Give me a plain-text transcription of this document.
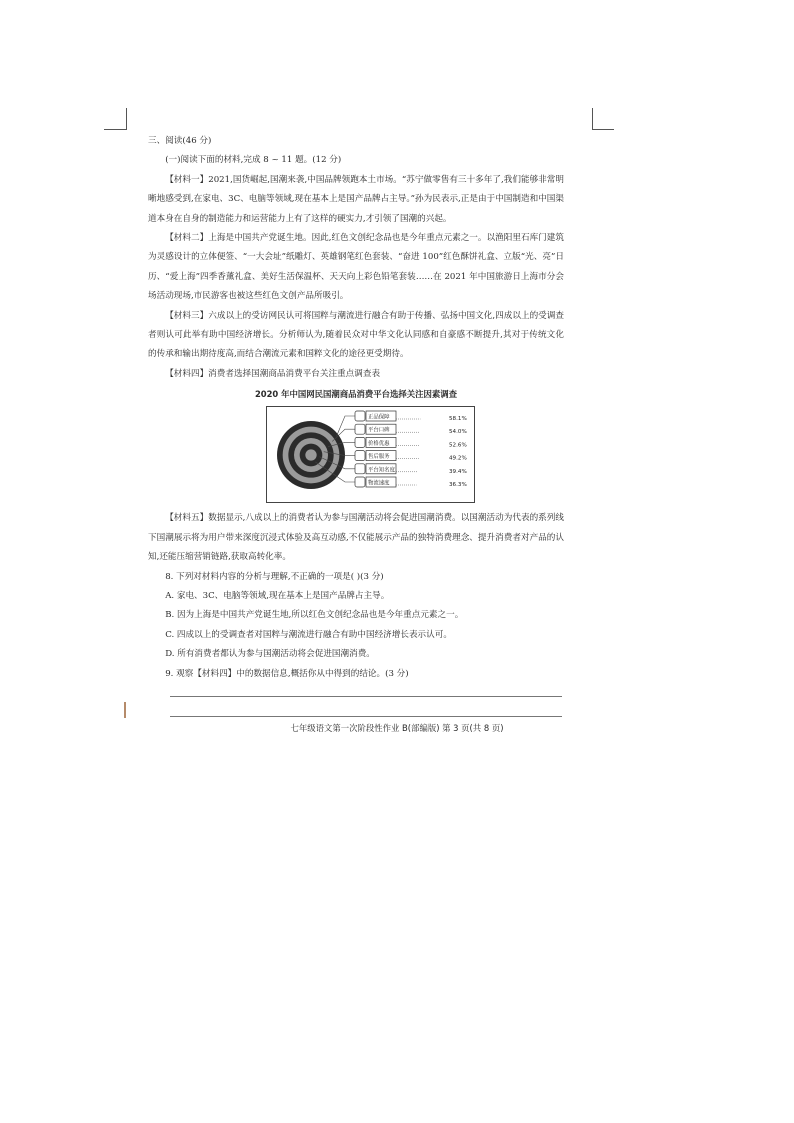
三、阅读(46 分)

(一)阅读下面的材料,完成 8 ~ 11 题。(12 分)

【材料一】2021,国货崛起,国潮来袭,中国品牌领跑本土市场。“苏宁做零售有三十多年了,我们能够非常明晰地感受到,在家电、3C、电脑等领域,现在基本上是国产品牌占主导。”孙为民表示,正是由于中国制造和中国渠道本身在自身的制造能力和运营能力上有了这样的硬实力,才引领了国潮的兴起。

【材料二】上海是中国共产党诞生地。因此,红色文创纪念品也是今年重点元素之一。以渔阳里石库门建筑为灵感设计的立体便签、“一大会址”纸雕灯、英雄钢笔红色套装、“奋进 100”红色酥饼礼盒、立版“光、亮”日历、“爱上海”四季香薰礼盒、美好生活保温杯、天天向上彩色铅笔套装……在 2021 年中国旅游日上海市分会场活动现场,市民游客也被这些红色文创产品所吸引。

【材料三】六成以上的受访网民认可将国粹与潮流进行融合有助于传播、弘扬中国文化,四成以上的受调查者则认可此举有助中国经济增长。分析师认为,随着民众对中华文化认同感和自豪感不断提升,其对于传统文化的传承和输出期待度高,而结合潮流元素和国粹文化的途径更受期待。

【材料四】消费者选择国潮商品消费平台关注重点调查表

2020 年中国网民国潮商品消费平台选择关注因素调查

正品保障	58.1%
平台口碑	54.0%
价格优惠	52.6%
售后服务	49.2%
平台知名度	39.4%
物流速度	36.3%

【材料五】数据显示,八成以上的消费者认为参与国潮活动将会促进国潮消费。以国潮活动为代表的系列线下国潮展示将为用户带来深度沉浸式体验及高互动感,不仅能展示产品的独特消费理念、提升消费者对产品的认知,还能压缩营销链路,获取高转化率。

8. 下列对材料内容的分析与理解,不正确的一项是( )(3 分)

A. 家电、3C、电脑等领域,现在基本上是国产品牌占主导。

B. 因为上海是中国共产党诞生地,所以红色文创纪念品也是今年重点元素之一。

C. 四成以上的受调查者对国粹与潮流进行融合有助中国经济增长表示认可。

D. 所有消费者都认为参与国潮活动将会促进国潮消费。

9. 观察【材料四】中的数据信息,概括你从中得到的结论。(3 分)

七年级语文第一次阶段性作业 B(部编版) 第 3 页(共 8 页)
